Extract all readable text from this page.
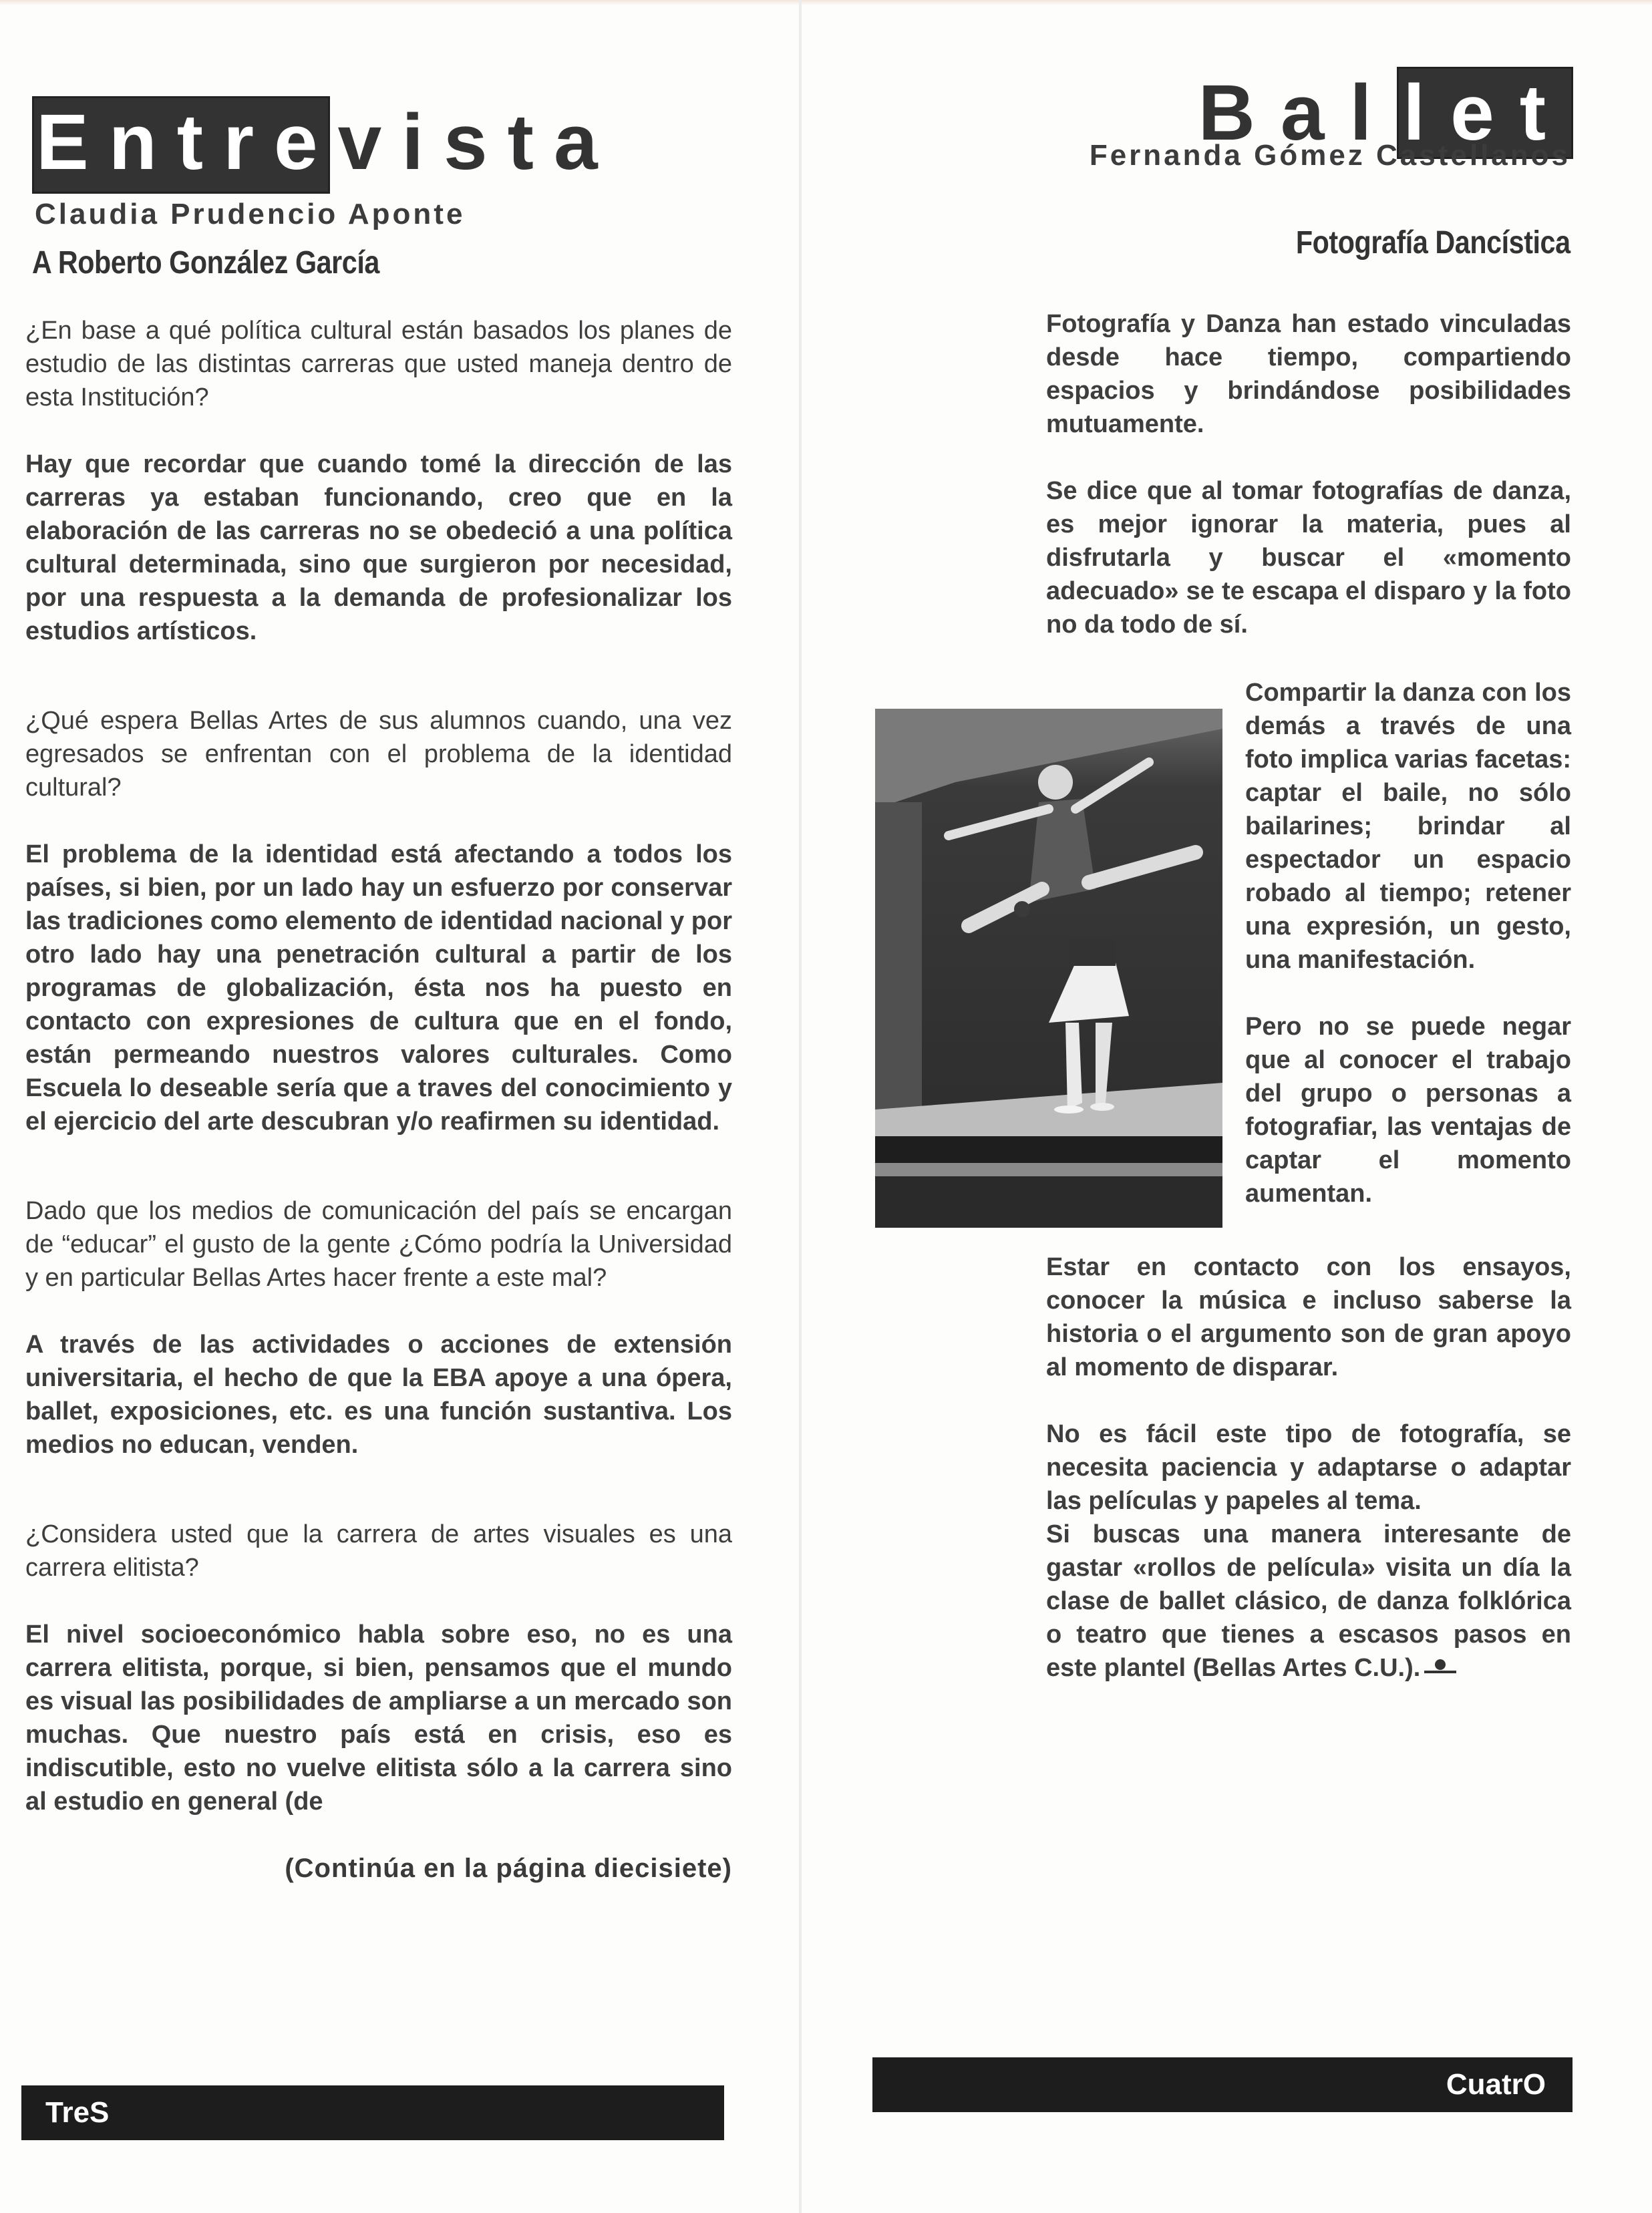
Entrevista
Claudia Prudencio Aponte
A Roberto González García

¿En base a qué política cultural están basados los planes de estudio de las distintas carreras que usted maneja dentro de esta Institución?

Hay que recordar que cuando tomé la dirección de las carreras ya estaban funcionando, creo que en la elaboración de las carreras no se obedeció a una política cultural determinada, sino que surgieron por necesidad, por una respuesta a la demanda de profesionalizar los estudios artísticos.

¿Qué espera Bellas Artes de sus alumnos cuando, una vez egresados se enfrentan con el problema de la identidad cultural?

El problema de la identidad está afectando a todos los países, si bien, por un lado hay un esfuerzo por conservar las tradiciones como elemento de identidad nacional y por otro lado hay una penetración cultural a partir de los programas de globalización, ésta nos ha puesto en contacto con expresiones de cultura que en el fondo, están permeando nuestros valores culturales. Como Escuela lo deseable sería que a traves del conocimiento y el ejercicio del arte descubran y/o reafirmen su identidad.

Dado que los medios de comunicación del país se encargan de “educar” el gusto de la gente ¿Cómo podría la Universidad y en particular Bellas Artes hacer frente a este mal?

A través de las actividades o acciones de extensión universitaria, el hecho de que la EBA apoye a una ópera, ballet, exposiciones, etc. es una función sustantiva. Los medios no educan, venden.

¿Considera usted que la carrera de artes visuales es una carrera elitista?

El nivel socioeconómico habla sobre eso, no es una carrera elitista, porque, si bien, pensamos que el mundo es visual las posibilidades de ampliarse a un mercado son muchas. Que nuestro país está en crisis, eso es indiscutible, esto no vuelve elitista sólo a la carrera sino al estudio en general (de

(Continúa en la página diecisiete)

TreS
Ballet
Fernanda Gómez Castellanos
Fotografía Dancística

Fotografía y Danza han estado vinculadas desde hace tiempo, compartiendo espacios y brindándose posibilidades mutuamente.

Se dice que al tomar fotografías de danza, es mejor ignorar la materia, pues al disfrutarla y buscar el «momento adecuado» se te escapa el disparo y la foto no da todo de sí.

Compartir la danza con los demás a través de una foto implica varias facetas: captar el baile, no sólo bailarines; brindar al espectador un espacio robado al tiempo; retener una expresión, un gesto, una manifestación.

Pero no se puede negar que al conocer el trabajo del grupo o personas a fotografiar, las ventajas de captar el momento aumentan.

Estar en contacto con los ensayos, conocer la música e incluso saberse la historia o el argumento son de gran apoyo al momento de disparar.

No es fácil este tipo de fotografía, se necesita paciencia y adaptarse o adaptar las películas y papeles al tema.

Si buscas una manera interesante de gastar «rollos de película» visita un día la clase de ballet clásico, de danza folklórica o teatro que tienes a escasos pasos en este plantel (Bellas Artes C.U.).

CuatrO
